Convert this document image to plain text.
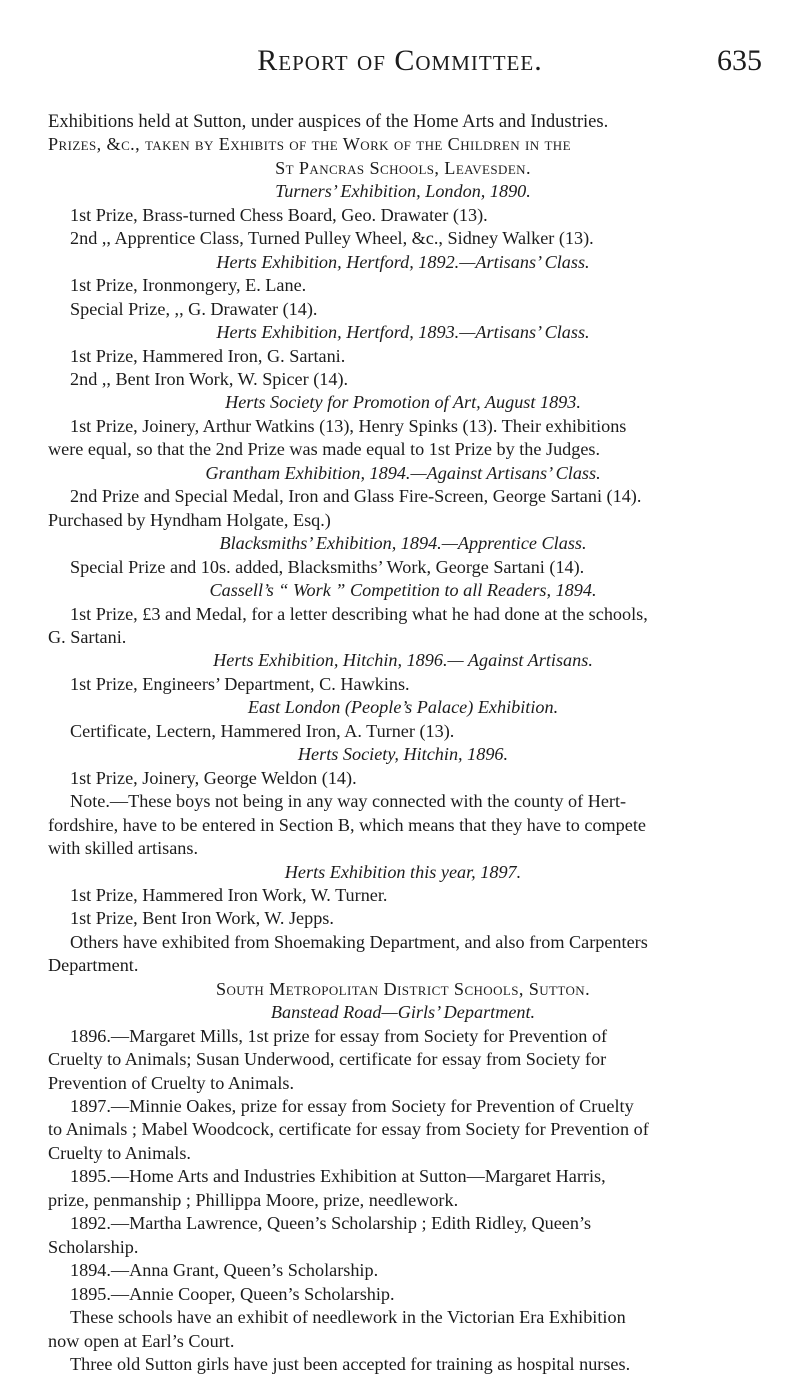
Report of Committee.	635

Exhibitions held at Sutton, under auspices of the Home Arts and Industries.

Prizes, &c., taken by Exhibits of the Work of the Children in the

St Pancras Schools, Leavesden.

Turners’ Exhibition, London, 1890.

1st Prize, Brass-turned Chess Board, Geo. Drawater (13).

2nd ,, Apprentice Class, Turned Pulley Wheel, &c., Sidney Walker (13).

Herts Exhibition, Hertford, 1892.—Artisans’ Class.

1st Prize, Ironmongery, E. Lane.

Special Prize, ,, G. Drawater (14).

Herts Exhibition, Hertford, 1893.—Artisans’ Class.

1st Prize, Hammered Iron, G. Sartani.

2nd ,, Bent Iron Work, W. Spicer (14).

Herts Society for Promotion of Art, August 1893.

1st Prize, Joinery, Arthur Watkins (13), Henry Spinks (13). Their exhibitions

were equal, so that the 2nd Prize was made equal to 1st Prize by the Judges.

Grantham Exhibition, 1894.—Against Artisans’ Class.

2nd Prize and Special Medal, Iron and Glass Fire-Screen, George Sartani (14).

Purchased by Hyndham Holgate, Esq.)

Blacksmiths’ Exhibition, 1894.—Apprentice Class.

Special Prize and 10s. added, Blacksmiths’ Work, George Sartani (14).

Cassell’s “ Work ” Competition to all Readers, 1894.

1st Prize, £3 and Medal, for a letter describing what he had done at the schools,

G. Sartani.

Herts Exhibition, Hitchin, 1896.— Against Artisans.

1st Prize, Engineers’ Department, C. Hawkins.

East London (People’s Palace) Exhibition.

Certificate, Lectern, Hammered Iron, A. Turner (13).

Herts Society, Hitchin, 1896.

1st Prize, Joinery, George Weldon (14).

Note.—These boys not being in any way connected with the county of Hert-

fordshire, have to be entered in Section B, which means that they have to compete

with skilled artisans.

Herts Exhibition this year, 1897.

1st Prize, Hammered Iron Work, W. Turner.

1st Prize, Bent Iron Work, W. Jepps.

Others have exhibited from Shoemaking Department, and also from Carpenters

Department.

South Metropolitan District Schools, Sutton.

Banstead Road—Girls’ Department.

1896.—Margaret Mills, 1st prize for essay from Society for Prevention of

Cruelty to Animals; Susan Underwood, certificate for essay from Society for

Prevention of Cruelty to Animals.

1897.—Minnie Oakes, prize for essay from Society for Prevention of Cruelty

to Animals ; Mabel Woodcock, certificate for essay from Society for Prevention of

Cruelty to Animals.

1895.—Home Arts and Industries Exhibition at Sutton—Margaret Harris,

prize, penmanship ; Phillippa Moore, prize, needlework.

1892.—Martha Lawrence, Queen’s Scholarship ; Edith Ridley, Queen’s

Scholarship.

1894.—Anna Grant, Queen’s Scholarship.

1895.—Annie Cooper, Queen’s Scholarship.

These schools have an exhibit of needlework in the Victorian Era Exhibition

now open at Earl’s Court.

Three old Sutton girls have just been accepted for training as hospital nurses.
